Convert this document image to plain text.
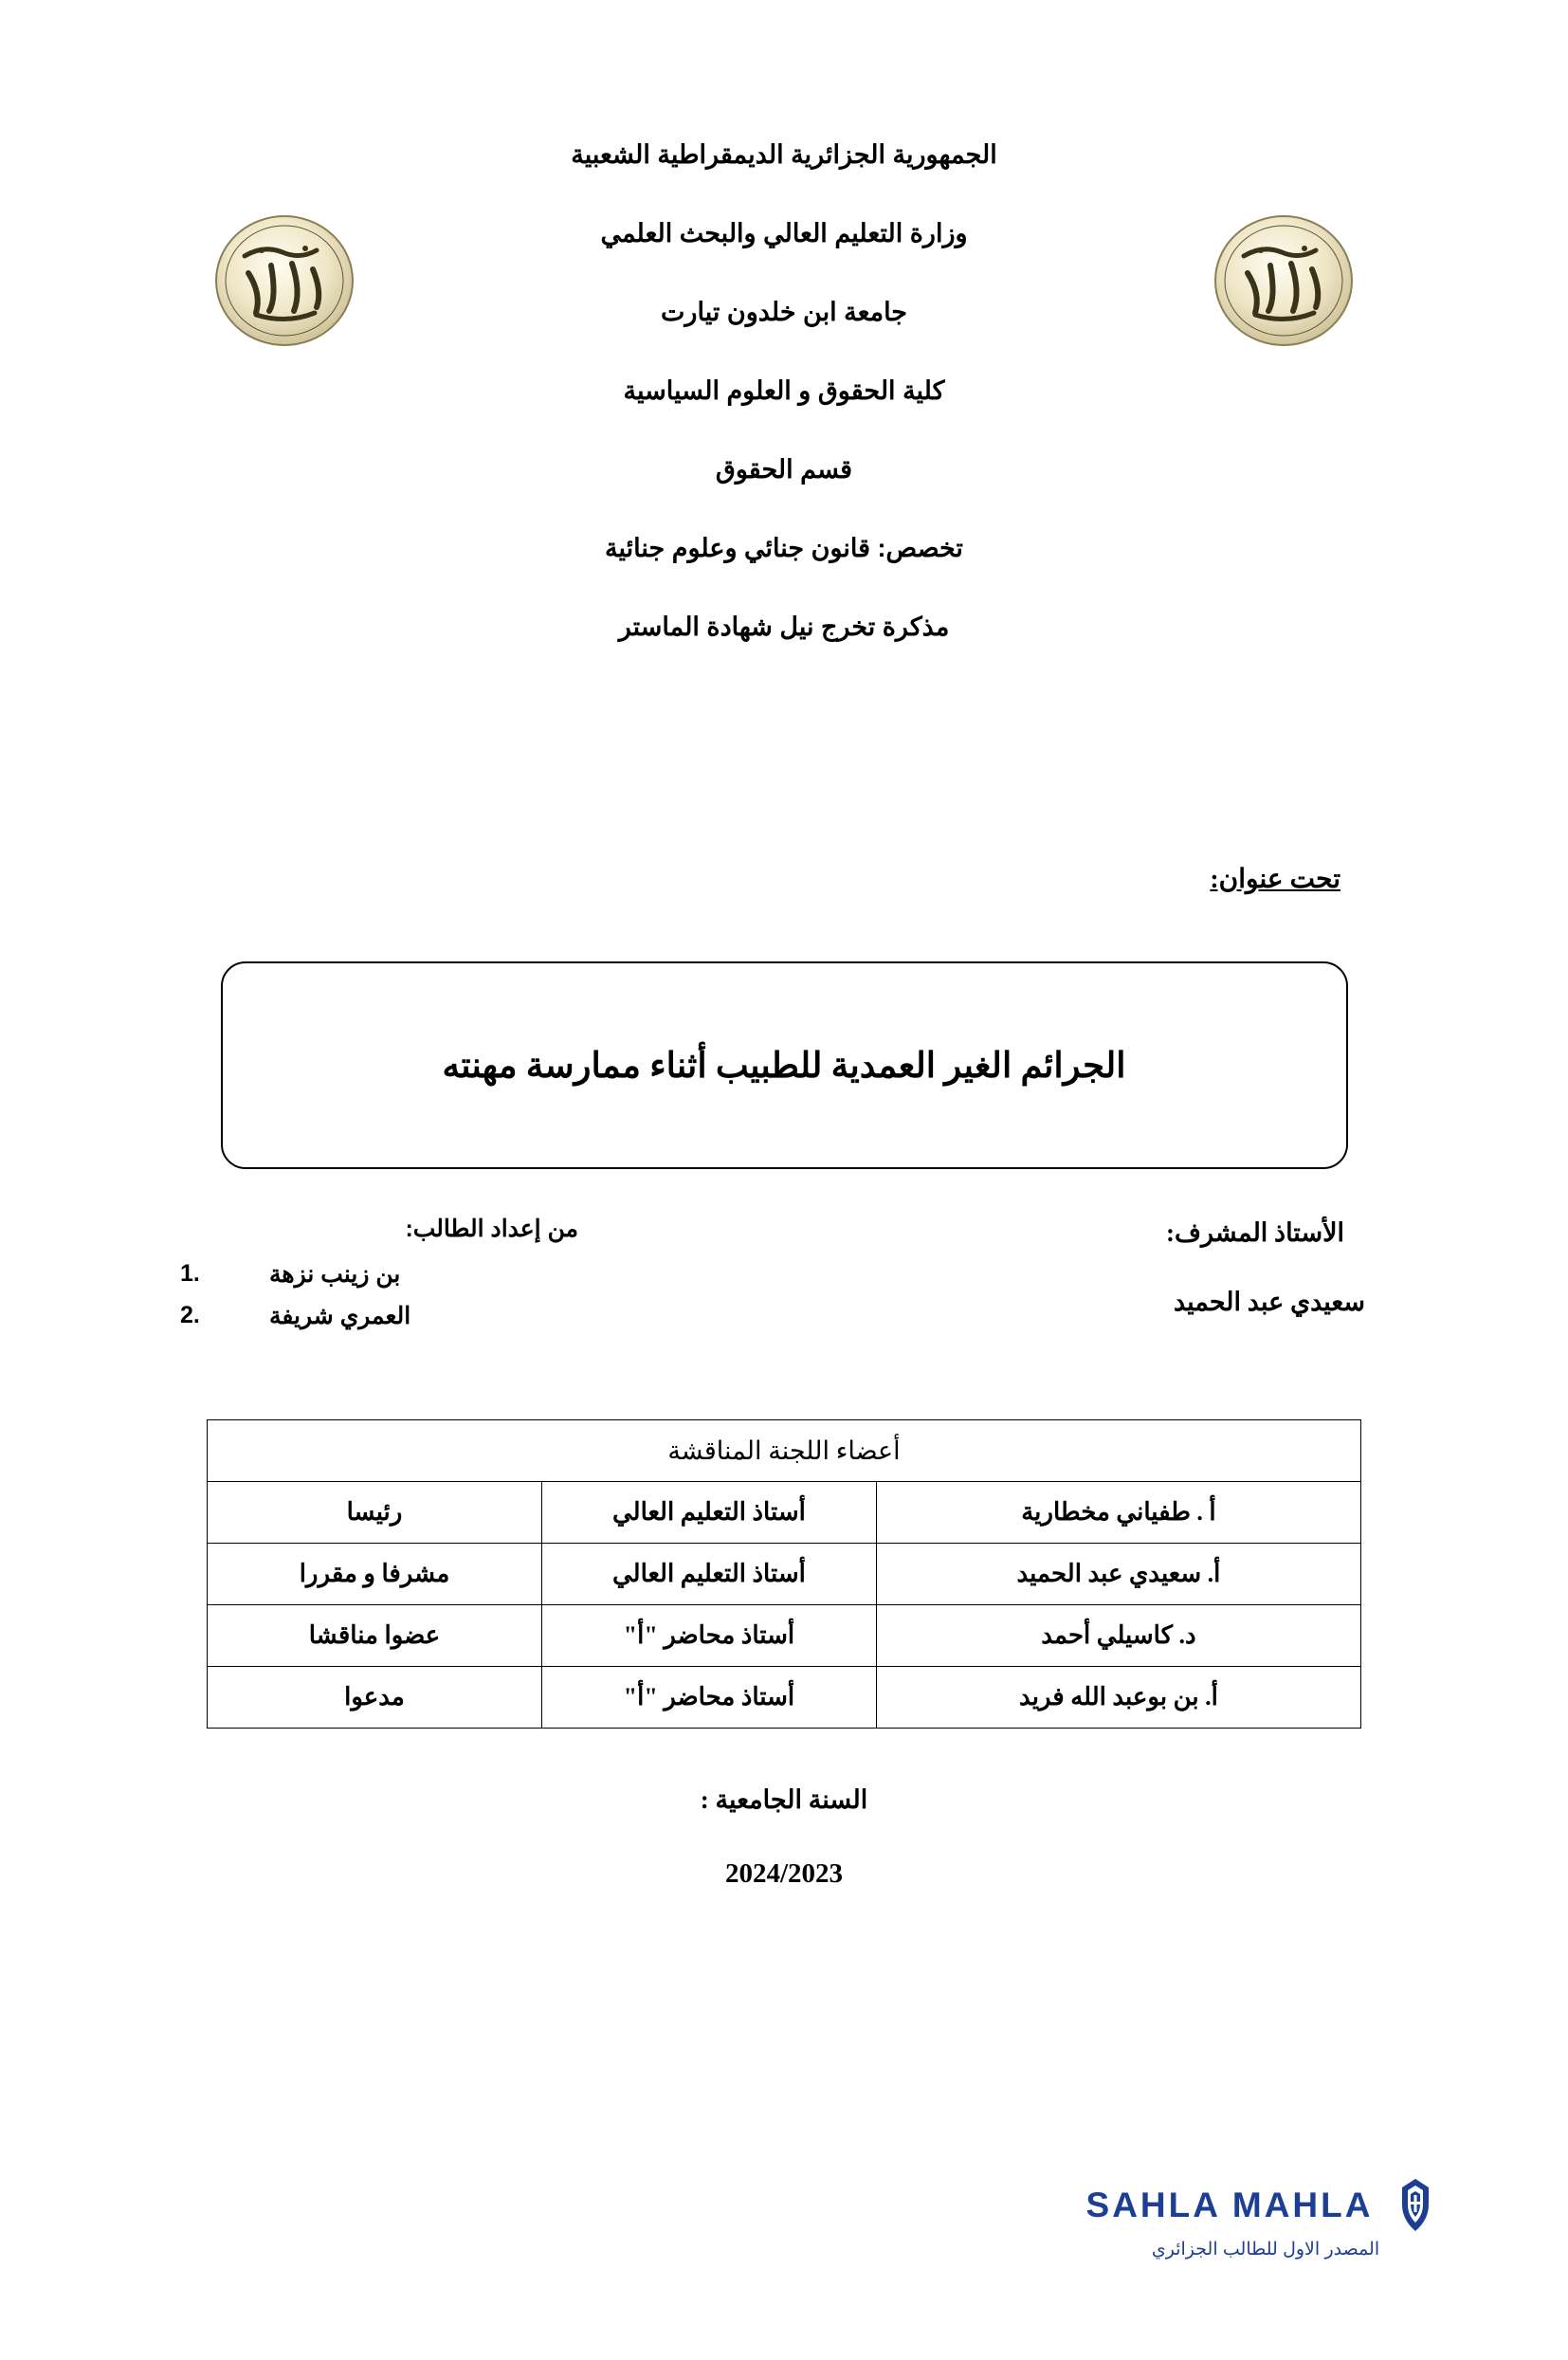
الجمهورية الجزائرية الديمقراطية الشعبية
وزارة التعليم العالي والبحث العلمي
جامعة ابن خلدون تيارت
كلية الحقوق و العلوم السياسية
قسم الحقوق
تخصص: قانون جنائي وعلوم جنائية
مذكرة تخرج نيل شهادة الماستر
تحت عنوان:
الجرائم الغير العمدية للطبيب أثناء ممارسة مهنته
من إعداد الطالب:
1.	بن زينب نزهة
2.	العمري شريفة
الأستاذ المشرف:
سعيدي عبد الحميد
أعضاء اللجنة المناقشة		
أ . طفياني مخطارية	أستاذ التعليم العالي	رئيسا
أ. سعيدي عبد الحميد	أستاذ التعليم العالي	مشرفا و مقررا
د. كاسيلي أحمد	أستاذ محاضر "أ"	عضوا مناقشا
أ. بن بوعبد الله فريد	أستاذ محاضر "أ"	مدعوا
السنة الجامعية :
2024/2023
SAHLA MAHLA
المصدر الاول للطالب الجزائري
